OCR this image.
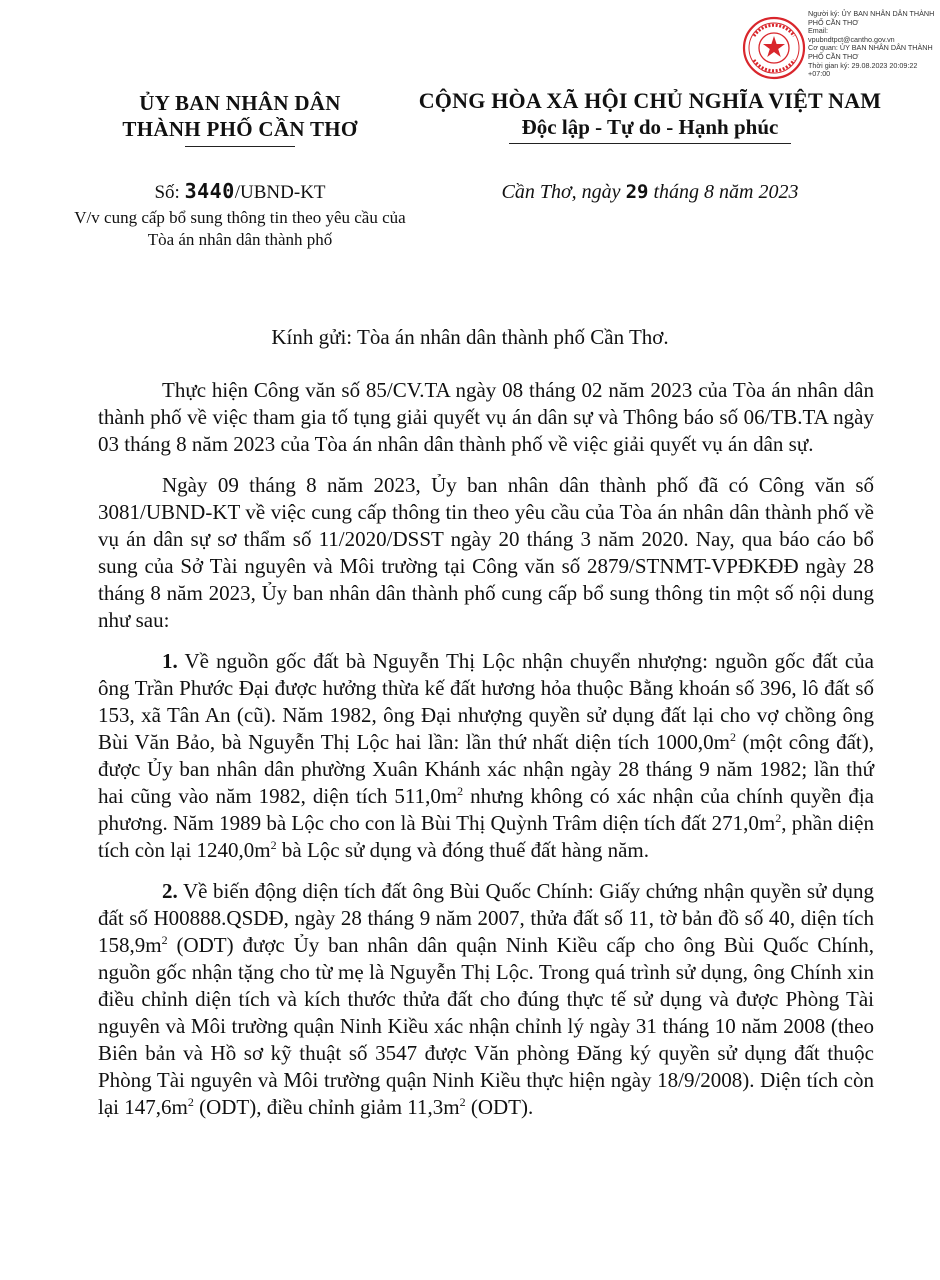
Người ký: ỦY BAN NHÂN DÂN THÀNH PHỐ CẦN THƠ
Email:
vpubndtpct@cantho.gov.vn
Cơ quan: ỦY BAN NHÂN DÂN THÀNH PHỐ CẦN THƠ
Thời gian ký: 29.08.2023 20:09:22 +07:00
ỦY BAN NHÂN DÂN
THÀNH PHỐ CẦN THƠ
Số: 3440/UBND-KT
V/v cung cấp bổ sung thông tin theo yêu cầu của Tòa án nhân dân thành phố
CỘNG HÒA XÃ HỘI CHỦ NGHĨA VIỆT NAM
Độc lập - Tự do - Hạnh phúc
Cần Thơ, ngày 29 tháng 8 năm 2023
Kính gửi: Tòa án nhân dân thành phố Cần Thơ.

Thực hiện Công văn số 85/CV.TA ngày 08 tháng 02 năm 2023 của Tòa án nhân dân thành phố về việc tham gia tố tụng giải quyết vụ án dân sự và Thông báo số 06/TB.TA ngày 03 tháng 8 năm 2023 của Tòa án nhân dân thành phố về việc giải quyết vụ án dân sự.

Ngày 09 tháng 8 năm 2023, Ủy ban nhân dân thành phố đã có Công văn số 3081/UBND-KT về việc cung cấp thông tin theo yêu cầu của Tòa án nhân dân thành phố về vụ án dân sự sơ thẩm số 11/2020/DSST ngày 20 tháng 3 năm 2020. Nay, qua báo cáo bổ sung của Sở Tài nguyên và Môi trường tại Công văn số 2879/STNMT-VPĐKĐĐ ngày 28 tháng 8 năm 2023, Ủy ban nhân dân thành phố cung cấp bổ sung thông tin một số nội dung như sau:

1. Về nguồn gốc đất bà Nguyễn Thị Lộc nhận chuyển nhượng: nguồn gốc đất của ông Trần Phước Đại được hưởng thừa kế đất hương hỏa thuộc Bằng khoán số 396, lô đất số 153, xã Tân An (cũ). Năm 1982, ông Đại nhượng quyền sử dụng đất lại cho vợ chồng ông Bùi Văn Bảo, bà Nguyễn Thị Lộc hai lần: lần thứ nhất diện tích $1000,0m^2$ (một công đất), được Ủy ban nhân dân phường Xuân Khánh xác nhận ngày 28 tháng 9 năm 1982; lần thứ hai cũng vào năm 1982, diện tích $511,0m^2$ nhưng không có xác nhận của chính quyền địa phương. Năm 1989 bà Lộc cho con là Bùi Thị Quỳnh Trâm diện tích đất $271,0m^2$, phần diện tích còn lại $1240,0m^2$ bà Lộc sử dụng và đóng thuế đất hàng năm.

2. Về biến động diện tích đất ông Bùi Quốc Chính: Giấy chứng nhận quyền sử dụng đất số H00888.QSDĐ, ngày 28 tháng 9 năm 2007, thửa đất số 11, tờ bản đồ số 40, diện tích $158,9m^2$ (ODT) được Ủy ban nhân dân quận Ninh Kiều cấp cho ông Bùi Quốc Chính, nguồn gốc nhận tặng cho từ mẹ là Nguyễn Thị Lộc. Trong quá trình sử dụng, ông Chính xin điều chỉnh diện tích và kích thước thửa đất cho đúng thực tế sử dụng và được Phòng Tài nguyên và Môi trường quận Ninh Kiều xác nhận chỉnh lý ngày 31 tháng 10 năm 2008 (theo Biên bản và Hồ sơ kỹ thuật số 3547 được Văn phòng Đăng ký quyền sử dụng đất thuộc Phòng Tài nguyên và Môi trường quận Ninh Kiều thực hiện ngày 18/9/2008). Diện tích còn lại $147,6m^2$ (ODT), điều chỉnh giảm $11,3m^2$ (ODT).
